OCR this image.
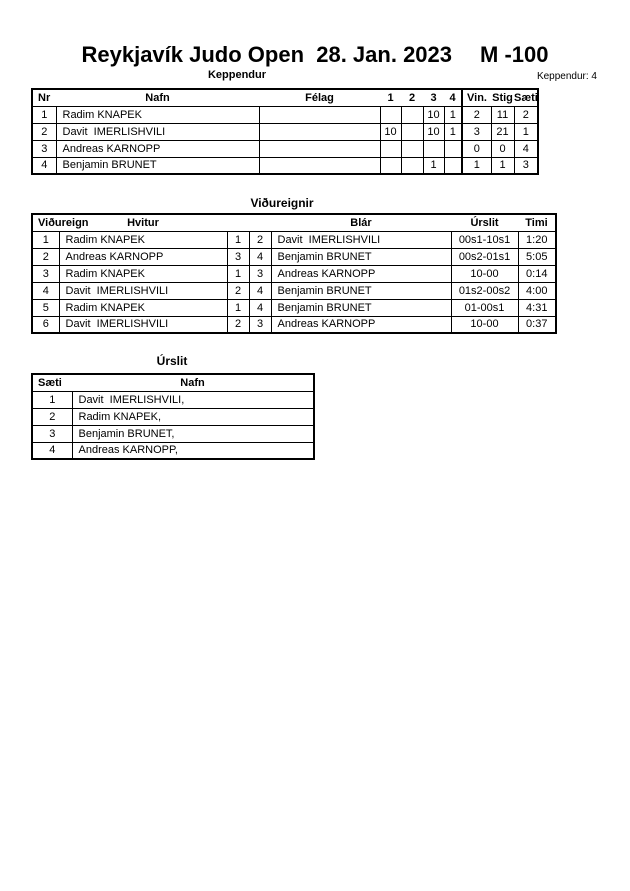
Reykjavík Judo Open  28. Jan. 2023 M -100
Keppendur	Keppendur: 4
Nr	Nafn	Félag	1	2	3	4	Vin.	Stig	Sæti
1	Radim KNAPEK				10	1	2	11	2
2	Davit  IMERLISHVILI		10		10	1	3	21	1
3	Andreas KARNOPP						0	0	4
4	Benjamin BRUNET				1		1	1	3
Viðureignir
Viðureign	Hvitur			Blár	Úrslit	Timi
1	Radim KNAPEK	1	2	Davit  IMERLISHVILI	00s1-10s1	1:20
2	Andreas KARNOPP	3	4	Benjamin BRUNET	00s2-01s1	5:05
3	Radim KNAPEK	1	3	Andreas KARNOPP	10-00	0:14
4	Davit  IMERLISHVILI	2	4	Benjamin BRUNET	01s2-00s2	4:00
5	Radim KNAPEK	1	4	Benjamin BRUNET	01-00s1	4:31
6	Davit  IMERLISHVILI	2	3	Andreas KARNOPP	10-00	0:37
Úrslit
Sæti	Nafn
1	Davit  IMERLISHVILI,
2	Radim KNAPEK,
3	Benjamin BRUNET,
4	Andreas KARNOPP,
